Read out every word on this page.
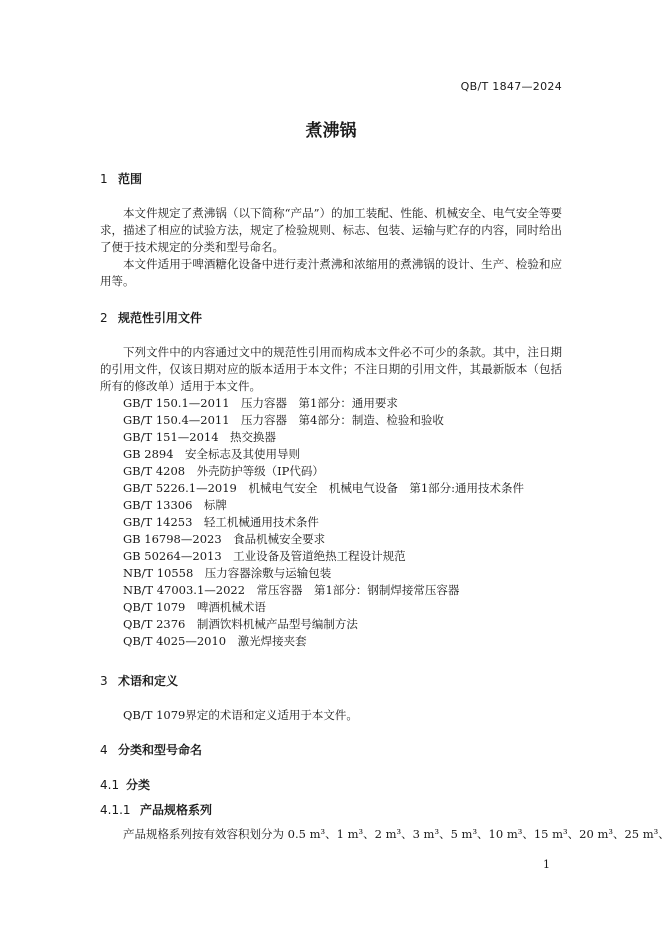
QB/T 1847—2024
煮沸锅
1 范围

本文件规定了煮沸锅（以下简称“产品”）的加工装配、性能、机械安全、电气安全等要求，描述了相应的试验方法，规定了检验规则、标志、包装、运输与贮存的内容，同时给出了便于技术规定的分类和型号命名。

本文件适用于啤酒糖化设备中进行麦汁煮沸和浓缩用的煮沸锅的设计、生产、检验和应用等。

2 规范性引用文件

下列文件中的内容通过文中的规范性引用而构成本文件必不可少的条款。其中，注日期的引用文件，仅该日期对应的版本适用于本文件；不注日期的引用文件，其最新版本（包括所有的修改单）适用于本文件。

GB/T 150.1—2011　压力容器　第1部分：通用要求
GB/T 150.4—2011　压力容器　第4部分：制造、检验和验收
GB/T 151—2014　热交换器
GB 2894　安全标志及其使用导则
GB/T 4208　外壳防护等级（IP代码）
GB/T 5226.1—2019　机械电气安全　机械电气设备　第1部分:通用技术条件
GB/T 13306　标牌
GB/T 14253　轻工机械通用技术条件
GB 16798—2023　食品机械安全要求
GB 50264—2013　工业设备及管道绝热工程设计规范
NB/T 10558　压力容器涂敷与运输包装
NB/T 47003.1—2022　常压容器　第1部分：钢制焊接常压容器
QB/T 1079　啤酒机械术语
QB/T 2376　制酒饮料机械产品型号编制方法
QB/T 4025—2010　激光焊接夹套
3 术语和定义

QB/T 1079界定的术语和定义适用于本文件。

4 分类和型号命名
4.1 分类
4.1.1 产品规格系列
产品规格系列按有效容积划分为 0.5 m³、1 m³、2 m³、3 m³、5 m³、10 m³、15 m³、20 m³、25 m³、
1
